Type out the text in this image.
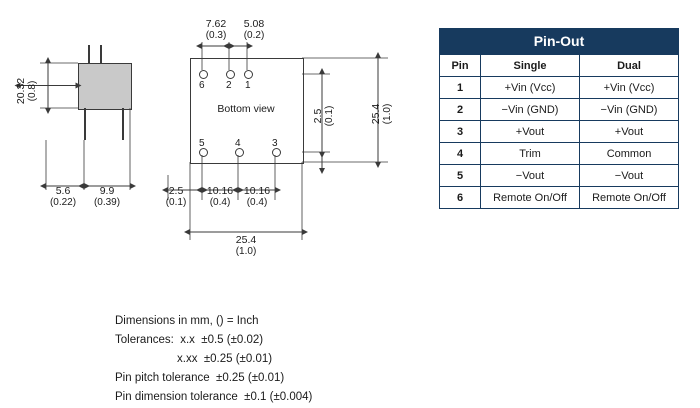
Bottom view
6 2 1
5	4	3
20.32 (0.8)
5.6
(0.22)
9.9
(0.39)
7.62
(0.3)
5.08
(0.2)
2.5
(0.1)
10.16
(0.4)
10.16
(0.4)
25.4
(1.0)
2.5 (0.1)	25.4 (1.0)
Pin-Out
Pin	Single	Dual
1	+Vin (Vcc)	+Vin (Vcc)
2	−Vin (GND)	−Vin (GND)
3	+Vout	+Vout
4	Trim	Common
5	−Vout	−Vout
6	Remote On/Off	Remote On/Off
Dimensions in mm, () = Inch
Tolerances:  x.x  ±0.5 (±0.02)
x.xx  ±0.25 (±0.01)
Pin pitch tolerance  ±0.25 (±0.01)
Pin dimension tolerance  ±0.1 (±0.004)
